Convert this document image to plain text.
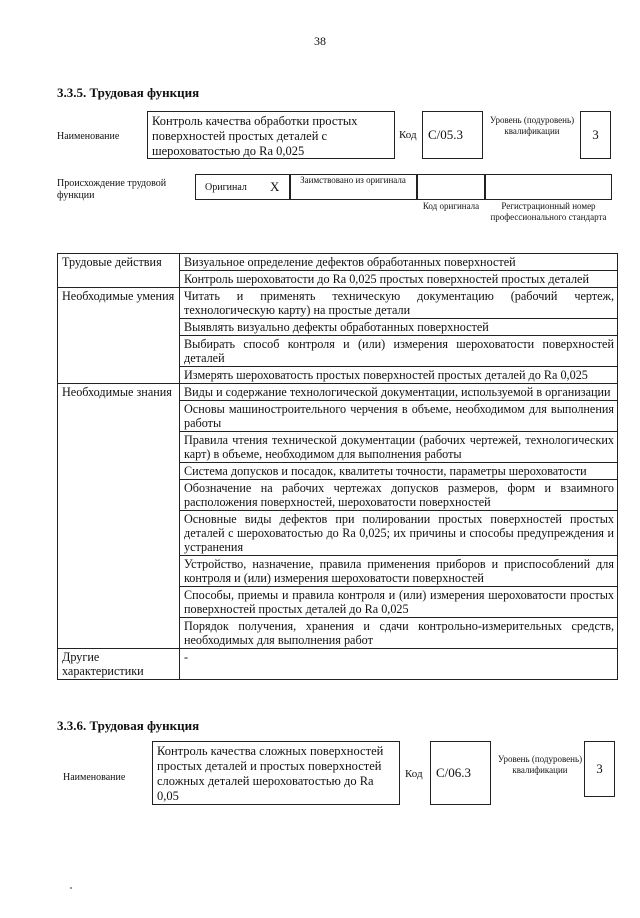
38
3.3.5. Трудовая функция
Наименование
Контроль качества обработки простых поверхностей простых деталей с шероховатостью до Ra 0,025
Код С/05.3
Уровень (подуровень) квалификации	3
Происхождение трудовой функции
Оригинал X Заимствовано из оригинала
Код оригинала	Регистрационный номер профессионального стандарта
Трудовые действия	Визуальное определение дефектов обработанных поверхностей
	Контроль шероховатости до Ra 0,025 простых поверхностей простых деталей
Необходимые умения	Читать и применять техническую документацию (рабочий чертеж, технологическую карту) на простые детали
	Выявлять визуально дефекты обработанных поверхностей
	Выбирать способ контроля и (или) измерения шероховатости поверхностей деталей
	Измерять шероховатость простых поверхностей простых деталей до Ra 0,025
Необходимые знания	Виды и содержание технологической документации, используемой в организации
	Основы машиностроительного черчения в объеме, необходимом для выполнения работы
	Правила чтения технической документации (рабочих чертежей, технологических карт) в объеме, необходимом для выполнения работы
	Система допусков и посадок, квалитеты точности, параметры шероховатости
	Обозначение на рабочих чертежах допусков размеров, форм и взаимного расположения поверхностей, шероховатости поверхностей
	Основные виды дефектов при полировании простых поверхностей простых деталей с шероховатостью до Ra 0,025; их причины и способы предупреждения и устранения
	Устройство, назначение, правила применения приборов и приспособлений для контроля и (или) измерения шероховатости поверхностей
	Способы, приемы и правила контроля и (или) измерения шероховатости простых поверхностей простых деталей до Ra 0,025
	Порядок получения, хранения и сдачи контрольно-измерительных средств, необходимых для выполнения работ
Другие характеристики	-
3.3.6. Трудовая функция
Наименование
Контроль качества сложных поверхностей простых деталей и простых поверхностей сложных деталей шероховатостью до Ra 0,05
Код	С/06.3
Уровень (подуровень) квалификации	3
